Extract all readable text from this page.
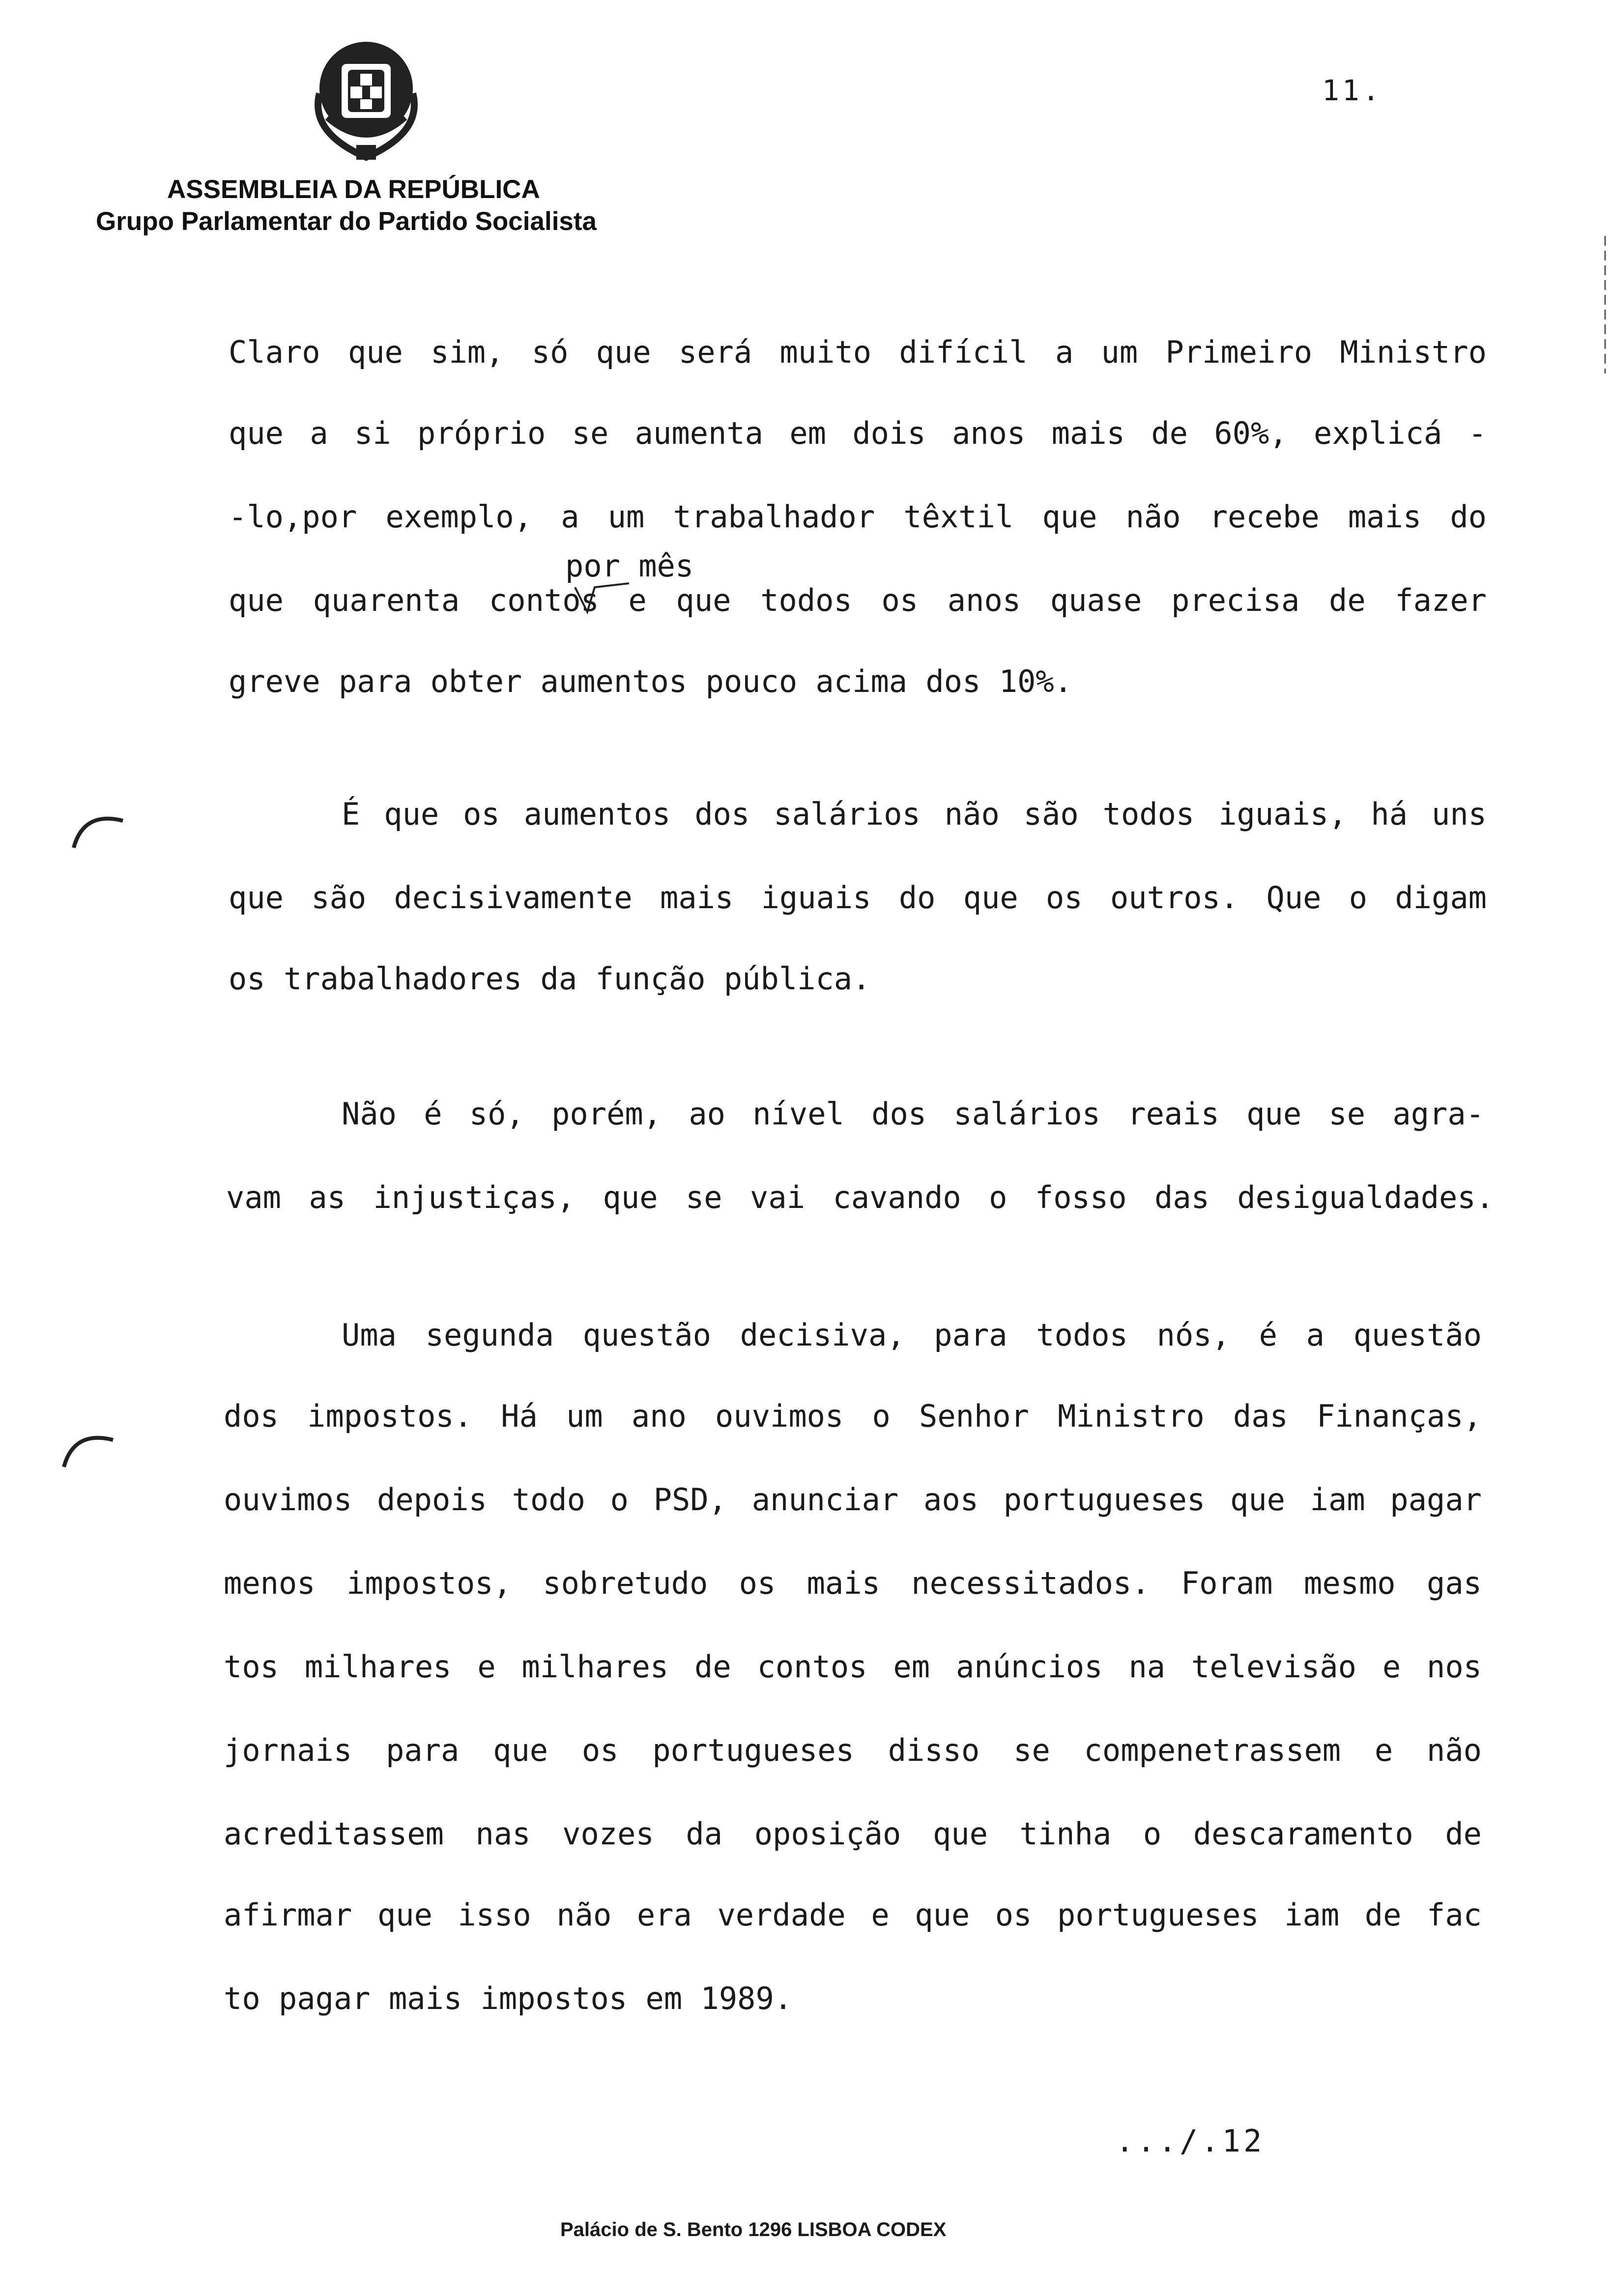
ASSEMBLEIA DA REPÚBLICA
Grupo Parlamentar do Partido Socialista
11.
Claro que sim, só que será muito difícil a um Primeiro Ministro
que a si próprio se aumenta em dois anos mais de 60%, explicá -
-lo,por exemplo, a um trabalhador têxtil que não recebe mais do
que quarenta contos e que todos os anos quase precisa de fazer
greve para obter aumentos pouco acima dos 10%.
por mês
É que os aumentos dos salários não são todos iguais, há uns
que são decisivamente mais iguais do que os outros. Que o digam
os trabalhadores da função pública.
Não é só, porém, ao nível dos salários reais que se agra-
vam as injustiças, que se vai cavando o fosso das desigualdades.
Uma segunda questão decisiva, para todos nós, é a questão
dos impostos. Há um ano ouvimos o Senhor Ministro das Finanças,
ouvimos depois todo o PSD, anunciar aos portugueses que iam pagar
menos impostos, sobretudo os mais necessitados. Foram mesmo gas
tos milhares e milhares de contos em anúncios na televisão e nos
jornais para que os portugueses disso se compenetrassem e não
acreditassem nas vozes da oposição que tinha o descaramento de
afirmar que isso não era verdade e que os portugueses iam de fac
to pagar mais impostos em 1989.
.../.12
Palácio de S. Bento 1296 LISBOA CODEX
